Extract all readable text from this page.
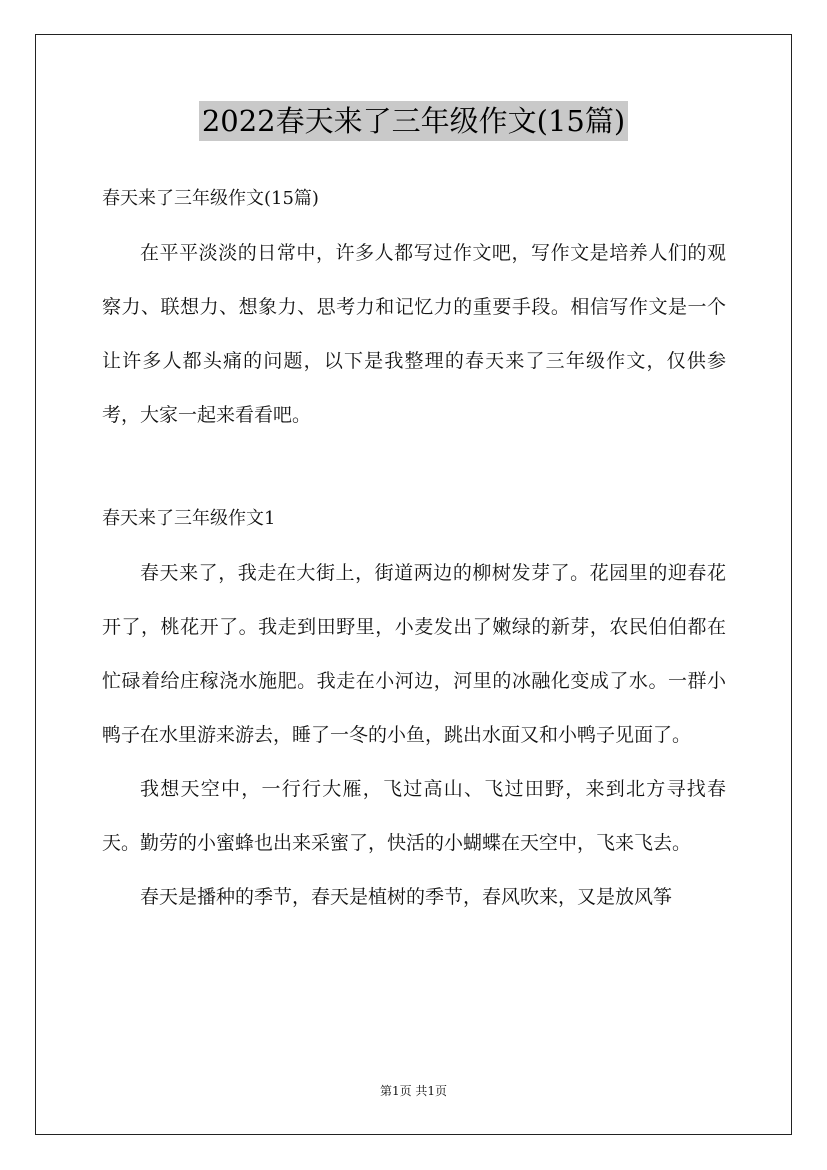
2022春天来了三年级作文(15篇)

春天来了三年级作文(15篇)

在平平淡淡的日常中，许多人都写过作文吧，写作文是培养人们的观察力、联想力、想象力、思考力和记忆力的重要手段。相信写作文是一个让许多人都头痛的问题，以下是我整理的春天来了三年级作文，仅供参考，大家一起来看看吧。

春天来了三年级作文1

春天来了，我走在大街上，街道两边的柳树发芽了。花园里的迎春花开了，桃花开了。我走到田野里，小麦发出了嫩绿的新芽，农民伯伯都在忙碌着给庄稼浇水施肥。我走在小河边，河里的冰融化变成了水。一群小鸭子在水里游来游去，睡了一冬的小鱼，跳出水面又和小鸭子见面了。

我想天空中，一行行大雁，飞过高山、飞过田野，来到北方寻找春天。勤劳的小蜜蜂也出来采蜜了，快活的小蝴蝶在天空中，飞来飞去。

春天是播种的季节，春天是植树的季节，春风吹来，又是放风筝

第1页 共1页
